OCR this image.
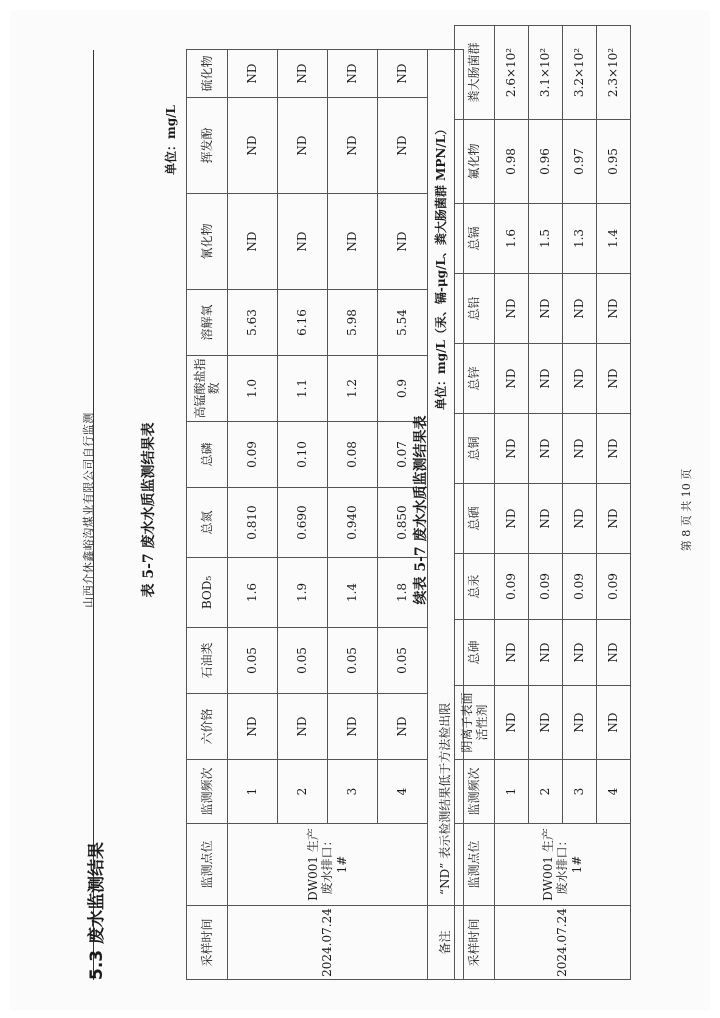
山西介休鑫峪沟煤业有限公司自行监测
5.3 废水监测结果
表 5-7 废水水质监测结果表
单位：mg/L
采样时间	监测点位	监测频次	六价铬	石油类	BOD₅	总氮	总磷	高锰酸盐指数	溶解氧	氰化物	挥发酚	硫化物
2024.07.24	DW001 生产废水排口：1#	1	ND	0.05	1.6	0.810	0.09	1.0	5.63	ND	ND	ND
		2	ND	0.05	1.9	0.690	0.10	1.1	6.16	ND	ND	ND
		3	ND	0.05	1.4	0.940	0.08	1.2	5.98	ND	ND	ND
		4	ND	0.05	1.8	0.850	0.07	0.9	5.54	ND	ND	ND
备注	“ND” 表示检测结果低于方法检出限											
续表 5-7 废水水质监测结果表
单位：mg/L（汞、镉-μg/L、粪大肠菌群 MPN/L）
采样时间	监测点位	监测频次	阴离子表面活性剂	总砷	总汞	总硒	总铜	总锌	总铅	总镉	氟化物	粪大肠菌群
2024.07.24	DW001 生产废水排口：1#	1	ND	ND	0.09	ND	ND	ND	ND	1.6	0.98	2.6×10²
		2	ND	ND	0.09	ND	ND	ND	ND	1.5	0.96	3.1×10²
		3	ND	ND	0.09	ND	ND	ND	ND	1.3	0.97	3.2×10²
		4	ND	ND	0.09	ND	ND	ND	ND	1.4	0.95	2.3×10²
第 8 页 共 10 页
